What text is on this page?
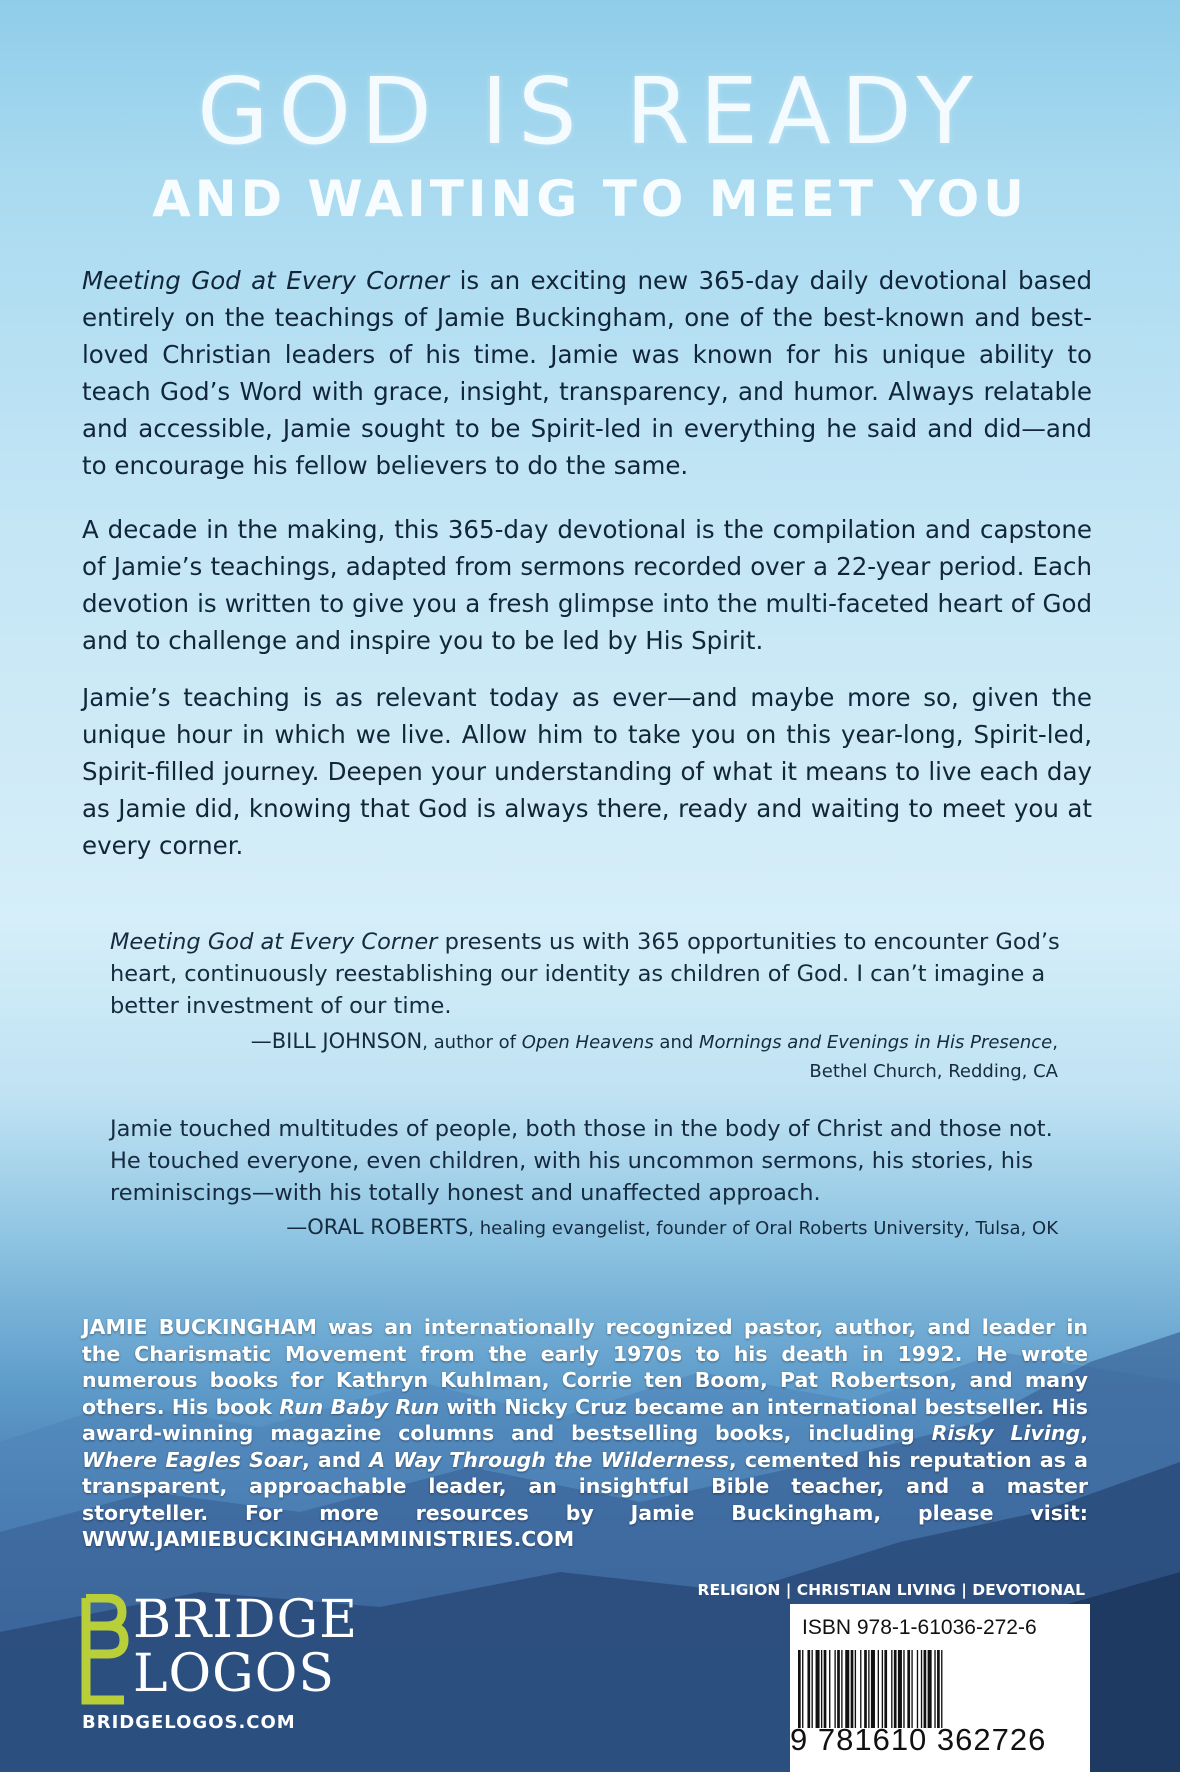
GOD IS READY
AND WAITING TO MEET YOU

Meeting God at Every Corner is an exciting new 365-day daily devotional based entirely on the teachings of Jamie Buckingham, one of the best-known and best-loved Christian leaders of his time. Jamie was known for his unique ability to teach God’s Word with grace, insight, transparency, and humor. Always relatable and accessible, Jamie sought to be Spirit-led in everything he said and did—and to encourage his fellow believers to do the same.

A decade in the making, this 365-day devotional is the compilation and capstone of Jamie’s teachings, adapted from sermons recorded over a 22-year period. Each devotion is written to give you a fresh glimpse into the multi-faceted heart of God and to challenge and inspire you to be led by His Spirit.

Jamie’s teaching is as relevant today as ever—and maybe more so, given the unique hour in which we live. Allow him to take you on this year-long, Spirit-led, Spirit-filled journey. Deepen your understanding of what it means to live each day as Jamie did, knowing that God is always there, ready and waiting to meet you at every corner.

Meeting God at Every Corner presents us with 365 opportunities to encounter God’s heart, continuously reestablishing our identity as children of God. I can’t imagine a better investment of our time.

—BILL JOHNSON, author of Open Heavens and Mornings and Evenings in His Presence,
Bethel Church, Redding, CA

Jamie touched multitudes of people, both those in the body of Christ and those not. He touched everyone, even children, with his uncommon sermons, his stories, his reminiscings—with his totally honest and unaffected approach.

—ORAL ROBERTS, healing evangelist, founder of Oral Roberts University, Tulsa, OK

JAMIE BUCKINGHAM was an internationally recognized pastor, author, and leader in the Charismatic Movement from the early 1970s to his death in 1992. He wrote numerous books for Kathryn Kuhlman, Corrie ten Boom, Pat Robertson, and many others. His book Run Baby Run with Nicky Cruz became an international bestseller. His award-winning magazine columns and bestselling books, including Risky Living, Where Eagles Soar, and A Way Through the Wilderness, cemented his reputation as a transparent, approachable leader, an insightful Bible teacher, and a master storyteller. For more resources by Jamie Buckingham, please visit: WWW.JAMIEBUCKINGHAMMINISTRIES.COM

BRIDGE
LOGOS
BRIDGELOGOS.COM
RELIGION | CHRISTIAN LIVING | DEVOTIONAL
ISBN 978-1-61036-272-6
9 781610 362726
